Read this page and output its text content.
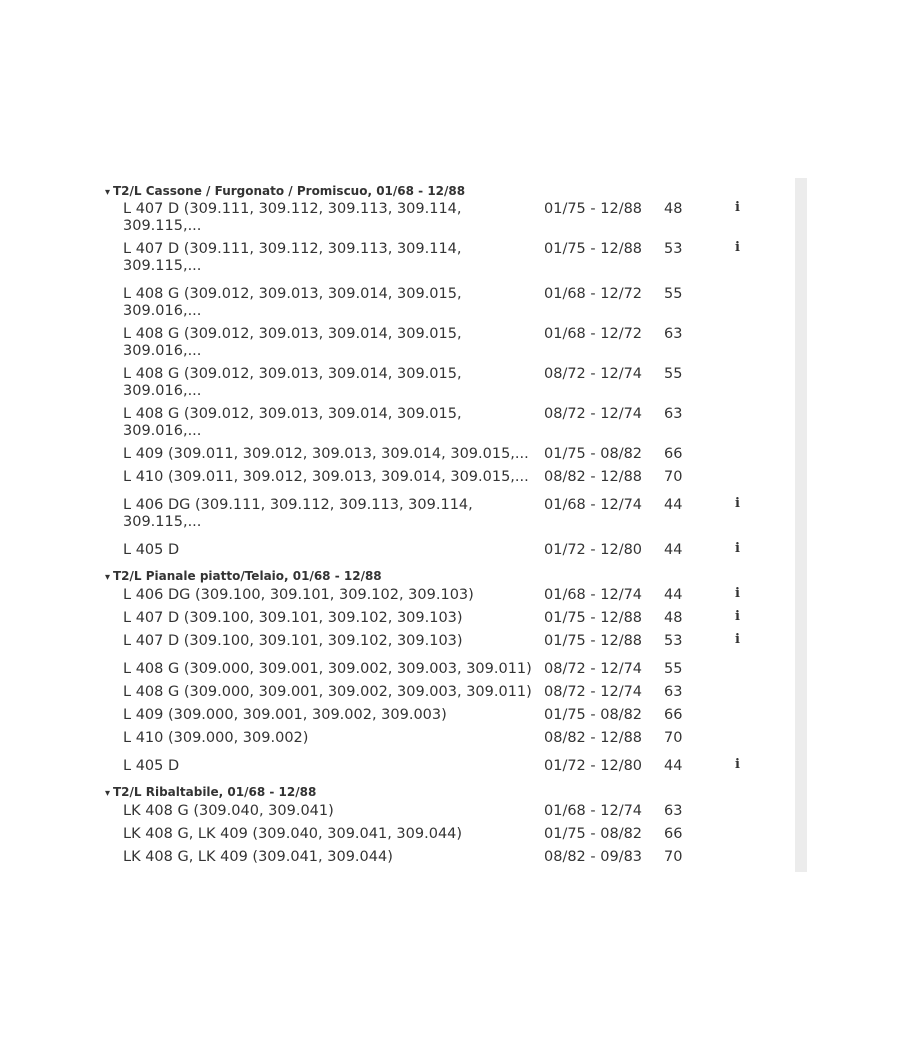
▾ T2/L Cassone / Furgonato / Promiscuo, 01/68 - 12/88
L 407 D (309.111, 309.112, 309.113, 309.114, 309.115,...
01/75 - 12/88 48	i
L 407 D (309.111, 309.112, 309.113, 309.114, 309.115,...
01/75 - 12/88 53	i
L 408 G (309.012, 309.013, 309.014, 309.015, 309.016,...
01/68 - 12/72 55
L 408 G (309.012, 309.013, 309.014, 309.015, 309.016,...
01/68 - 12/72 63
L 408 G (309.012, 309.013, 309.014, 309.015, 309.016,...
08/72 - 12/74 55
L 408 G (309.012, 309.013, 309.014, 309.015, 309.016,...
08/72 - 12/74 63
L 409 (309.011, 309.012, 309.013, 309.014, 309.015,...	01/75 - 08/82 66
L 410 (309.011, 309.012, 309.013, 309.014, 309.015,...	08/82 - 12/88 70
L 406 DG (309.111, 309.112, 309.113, 309.114, 309.115,...
01/68 - 12/74 44	i
L 405 D	01/72 - 12/80 44	i
▾ T2/L Pianale piatto/Telaio, 01/68 - 12/88
L 406 DG (309.100, 309.101, 309.102, 309.103)	01/68 - 12/74 44	i
L 407 D (309.100, 309.101, 309.102, 309.103)	01/75 - 12/88 48	i
L 407 D (309.100, 309.101, 309.102, 309.103)	01/75 - 12/88 53	i
L 408 G (309.000, 309.001, 309.002, 309.003, 309.011) 08/72 - 12/74 55
L 408 G (309.000, 309.001, 309.002, 309.003, 309.011) 08/72 - 12/74 63
L 409 (309.000, 309.001, 309.002, 309.003)	01/75 - 08/82 66
L 410 (309.000, 309.002)	08/82 - 12/88 70
L 405 D	01/72 - 12/80 44	i
▾ T2/L Ribaltabile, 01/68 - 12/88
LK 408 G (309.040, 309.041)	01/68 - 12/74 63
LK 408 G, LK 409 (309.040, 309.041, 309.044)	01/75 - 08/82 66
LK 408 G, LK 409 (309.041, 309.044)	08/82 - 09/83 70
